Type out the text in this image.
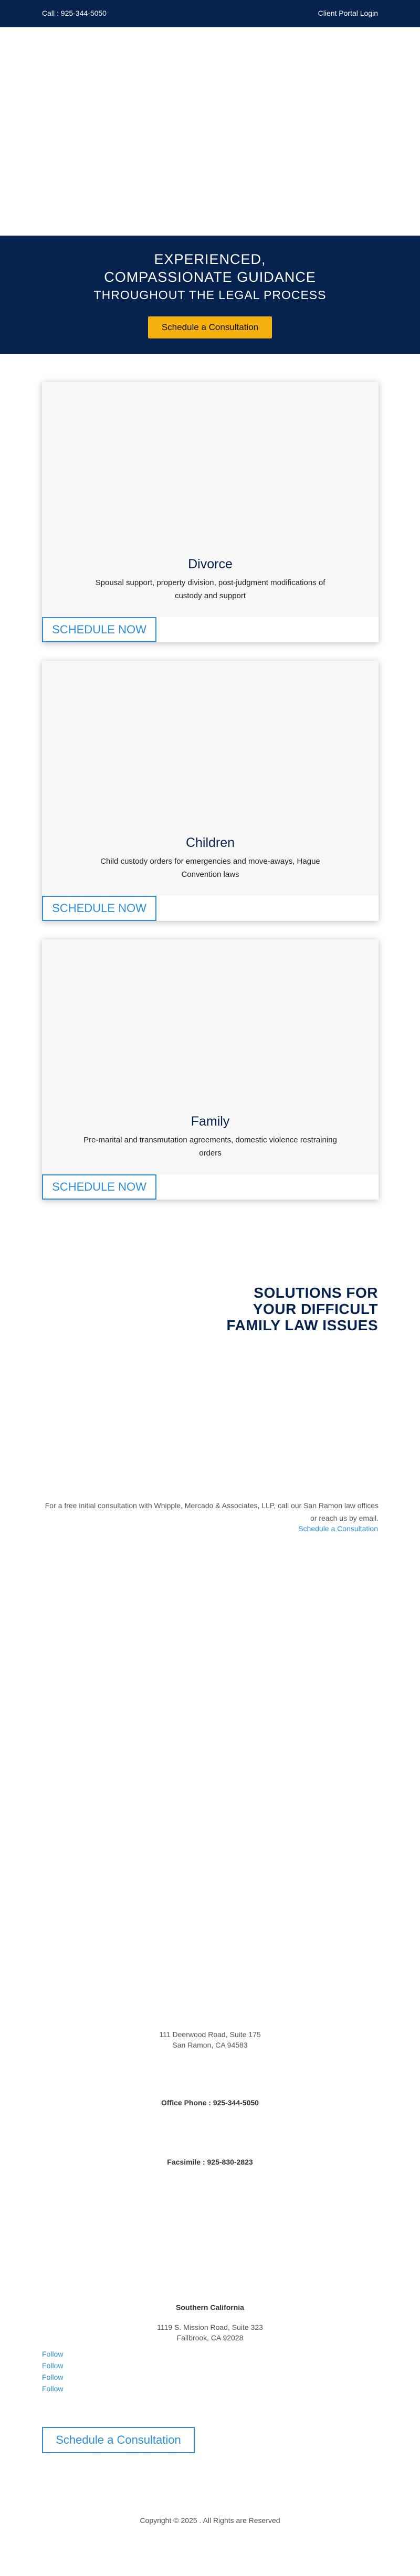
Call : 925-344-5050	Client Portal Login
EXPERIENCED,
COMPASSIONATE GUIDANCE
THROUGHOUT THE LEGAL PROCESS
Schedule a Consultation
Divorce
Spousal support, property division, post-judgment modifications of custody and support
SCHEDULE NOW
Children
Child custody orders for emergencies and move-aways, Hague Convention laws
SCHEDULE NOW
Family
Pre-marital and transmutation agreements, domestic violence restraining orders
SCHEDULE NOW
SOLUTIONS FOR
YOUR DIFFICULT
FAMILY LAW ISSUES
For a free initial consultation with Whipple, Mercado & Associates, LLP, call our San Ramon law offices or reach us by email.
Schedule a Consultation
111 Deerwood Road, Suite 175
San Ramon, CA 94583
Office Phone : 925-344-5050
Facsimile : 925-830-2823
Southern California
1119 S. Mission Road, Suite 323
Fallbrook, CA 92028
Follow
Follow
Follow
Follow
Schedule a Consultation
Copyright © 2025 . All Rights are Reserved
